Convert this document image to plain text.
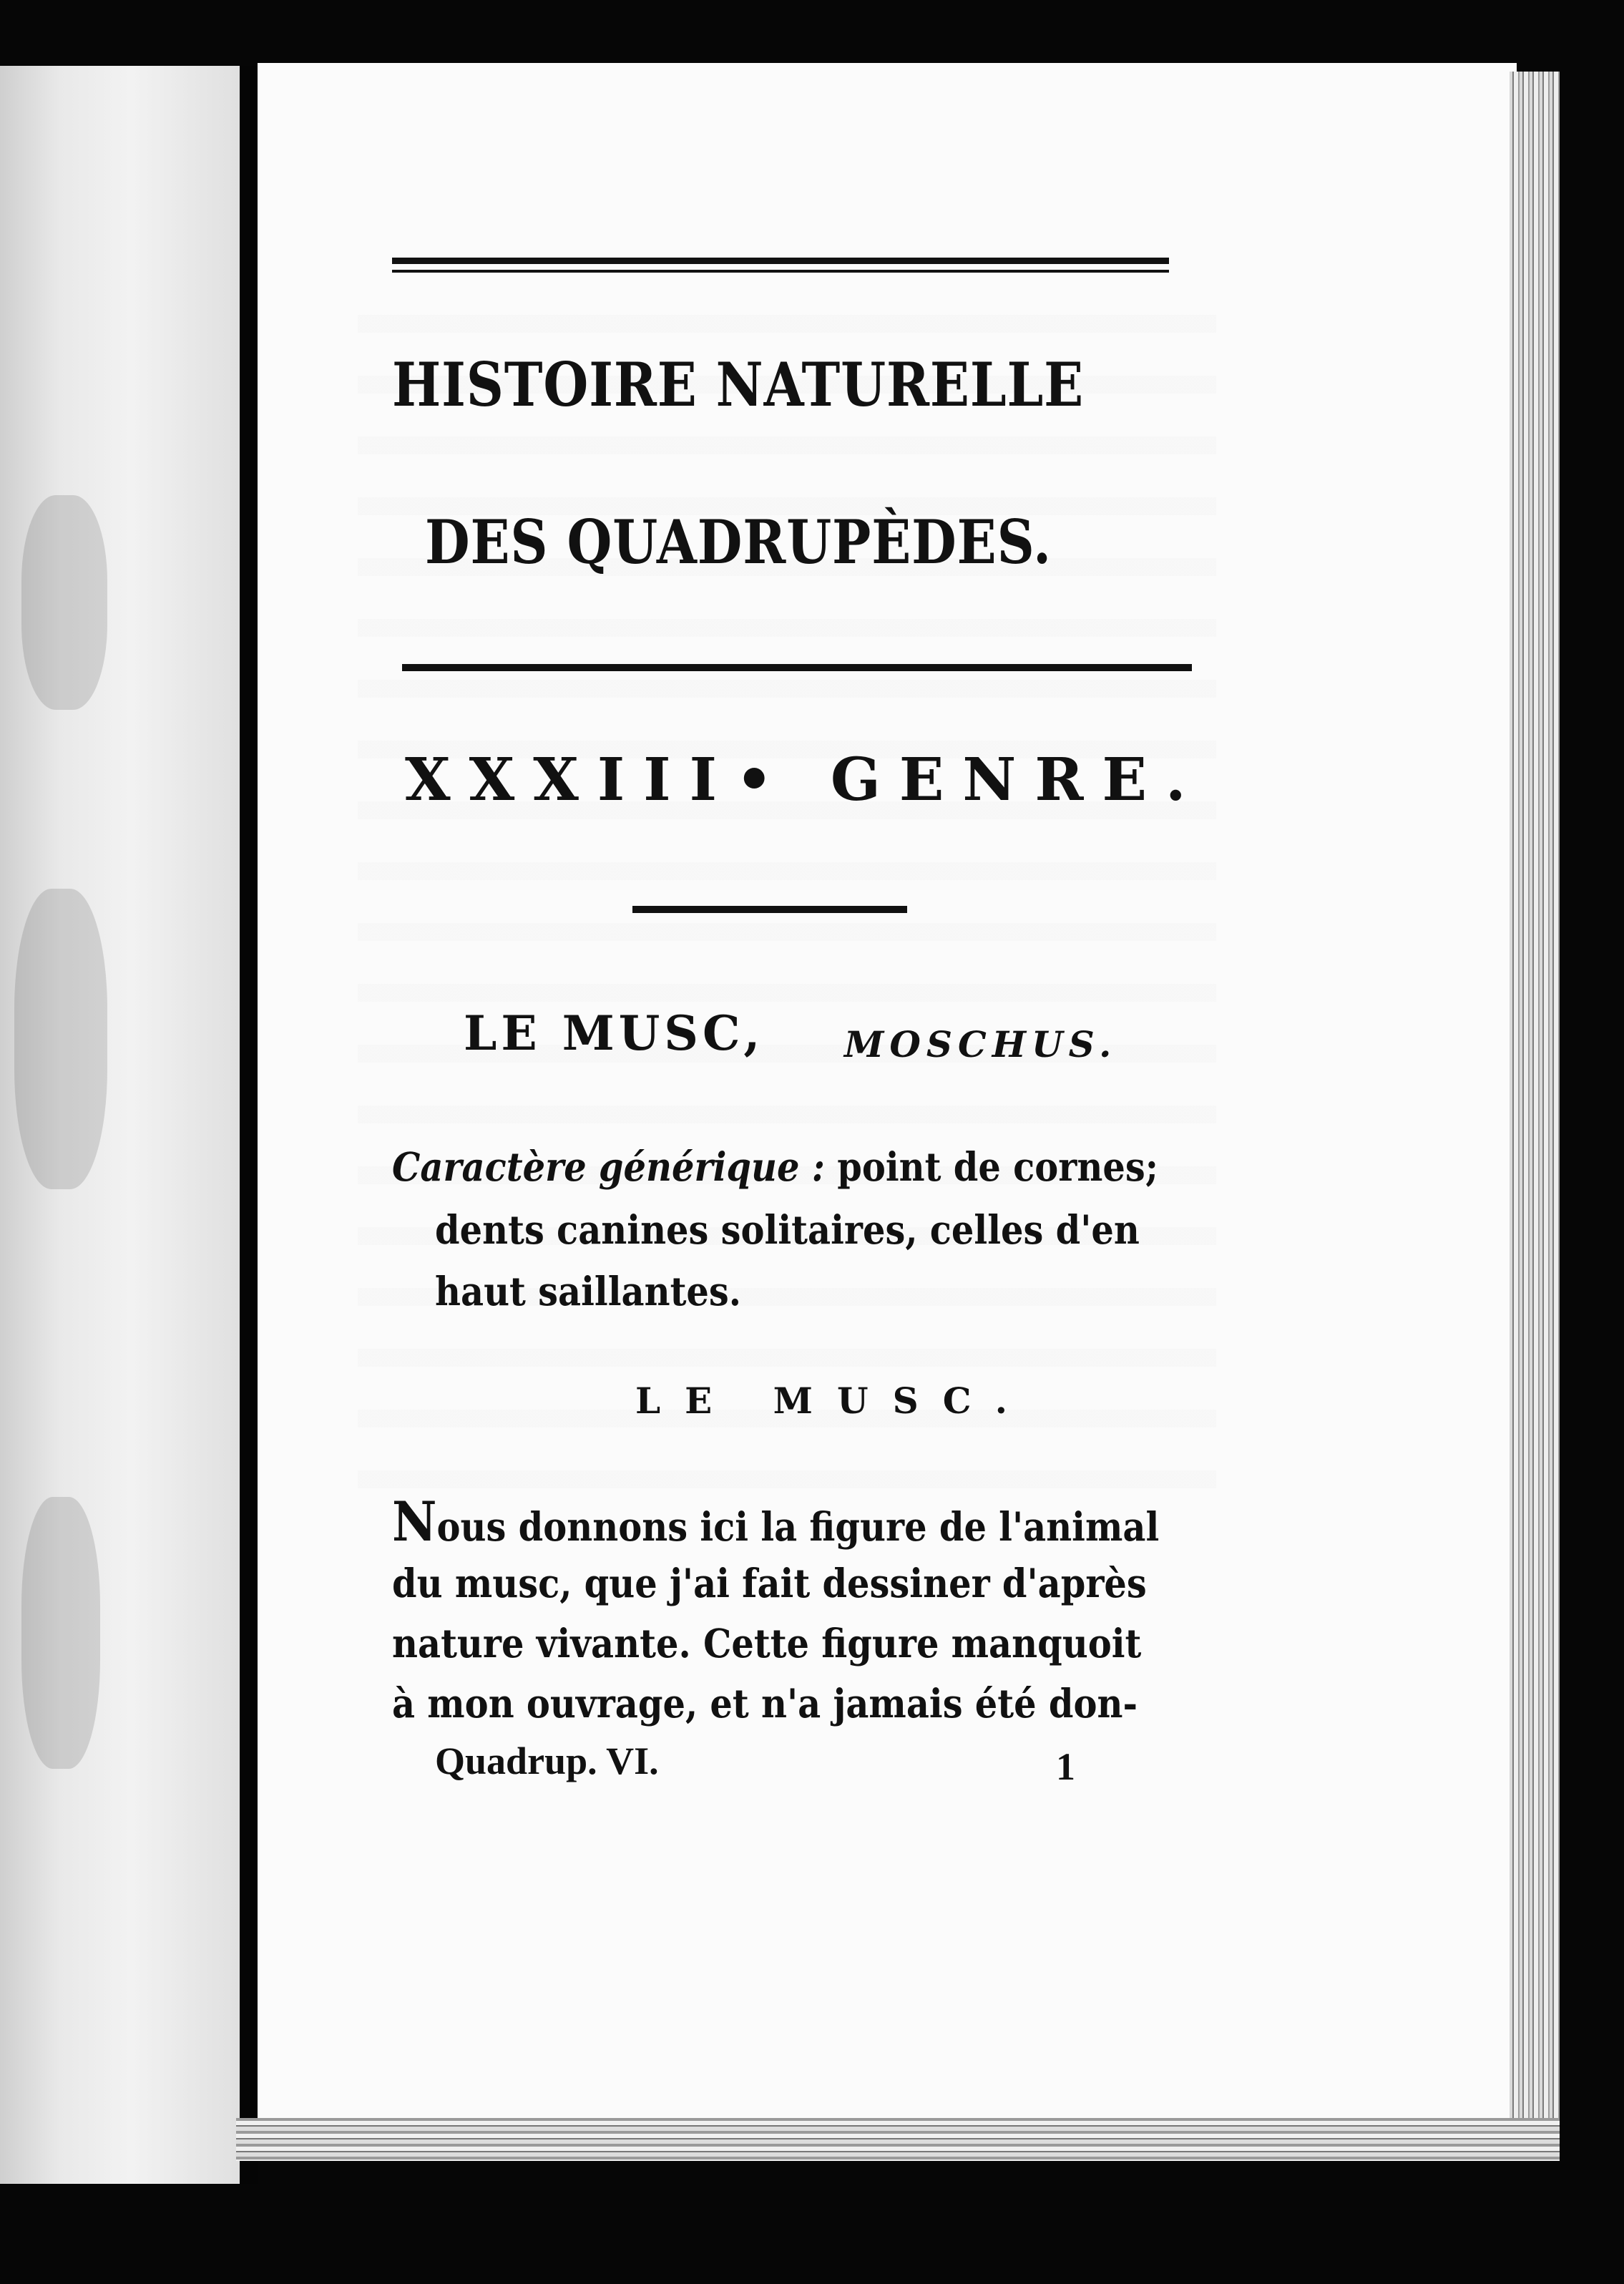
HISTOIRE NATURELLE
DES QUADRUPÈDES.
XXXIII• GENRE.
LE MUSC, MOSCHUS.
Caractère générique : point de cornes;
dents canines solitaires, celles d'en
haut saillantes.
LE MUSC.
Nous donnons ici la figure de l'animal
du musc, que j'ai fait dessiner d'après
nature vivante. Cette figure manquoit
à mon ouvrage, et n'a jamais été don-
Quadrup. VI.	1
